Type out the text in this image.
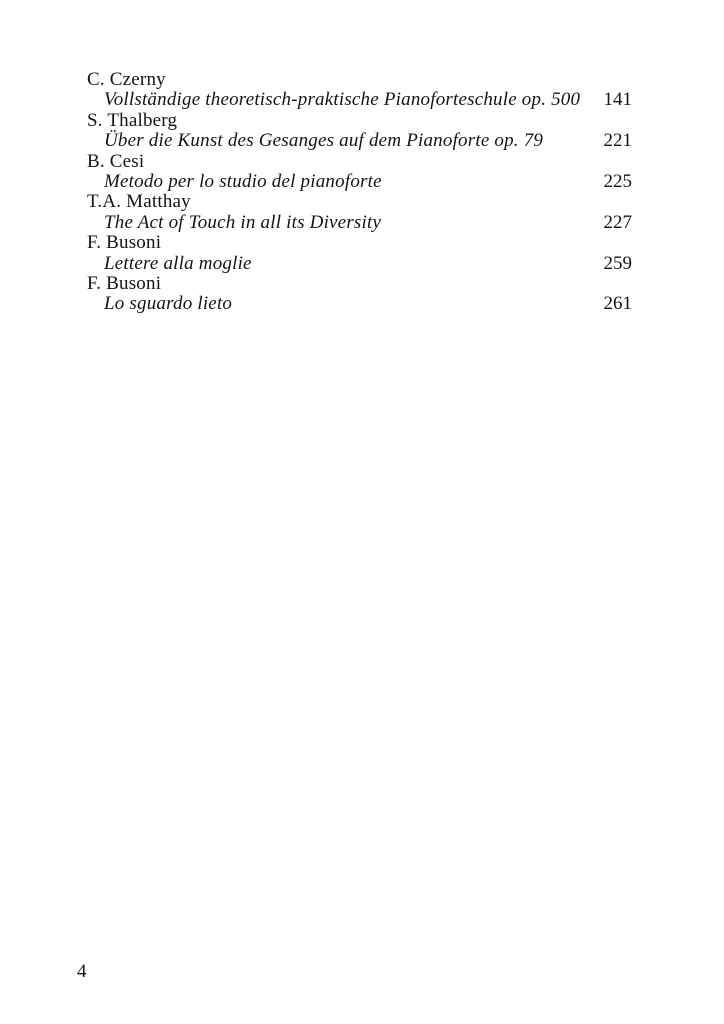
C. Czerny
Vollständige theoretisch-praktische Pianoforteschule op. 500 141
S. Thalberg
Über die Kunst des Gesanges auf dem Pianoforte op. 79	221
B. Cesi
Metodo per lo studio del pianoforte	225
T.A. Matthay
The Act of Touch in all its Diversity	227
F. Busoni
Lettere alla moglie	259
F. Busoni
Lo sguardo lieto	261
4
